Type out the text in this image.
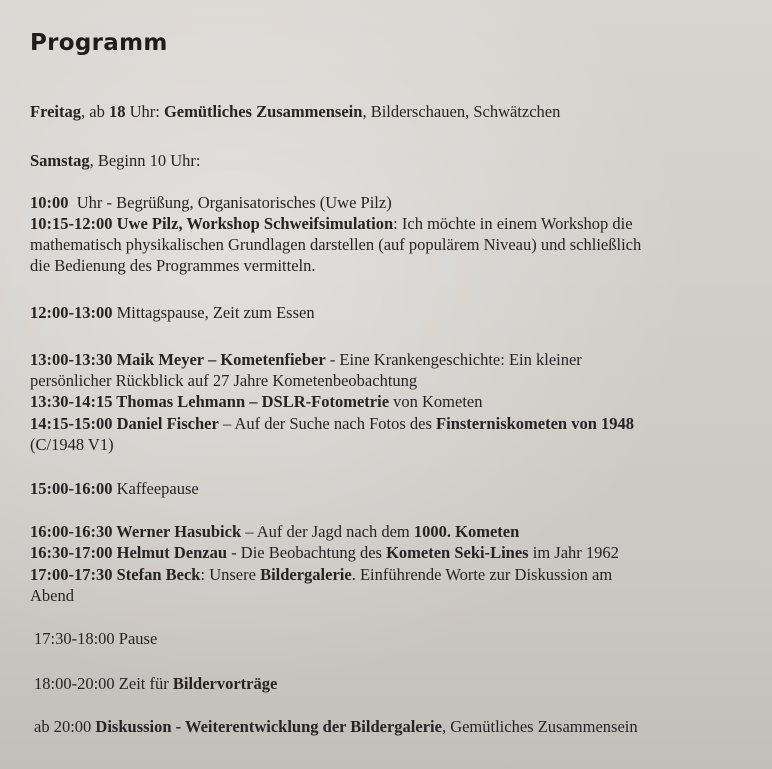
Programm

Freitag, ab 18 Uhr: Gemütliches Zusammensein, Bilderschauen, Schwätzchen

Samstag, Beginn 10 Uhr:

10:00  Uhr - Begrüßung, Organisatorisches (Uwe Pilz)

10:15-12:00 Uwe Pilz, Workshop Schweifsimulation: Ich möchte in einem Workshop die

mathematisch physikalischen Grundlagen darstellen (auf populärem Niveau) und schließlich

die Bedienung des Programmes vermitteln.

12:00-13:00 Mittagspause, Zeit zum Essen

13:00-13:30 Maik Meyer – Kometenfieber - Eine Krankengeschichte: Ein kleiner

persönlicher Rückblick auf 27 Jahre Kometenbeobachtung

13:30-14:15 Thomas Lehmann – DSLR-Fotometrie von Kometen

14:15-15:00 Daniel Fischer – Auf der Suche nach Fotos des Finsterniskometen von 1948

(C/1948 V1)

15:00-16:00 Kaffeepause

16:00-16:30 Werner Hasubick – Auf der Jagd nach dem 1000. Kometen

16:30-17:00 Helmut Denzau - Die Beobachtung des Kometen Seki-Lines im Jahr 1962

17:00-17:30 Stefan Beck: Unsere Bildergalerie. Einführende Worte zur Diskussion am

Abend

17:30-18:00 Pause

18:00-20:00 Zeit für Bildervorträge

ab 20:00 Diskussion - Weiterentwicklung der Bildergalerie, Gemütliches Zusammensein
